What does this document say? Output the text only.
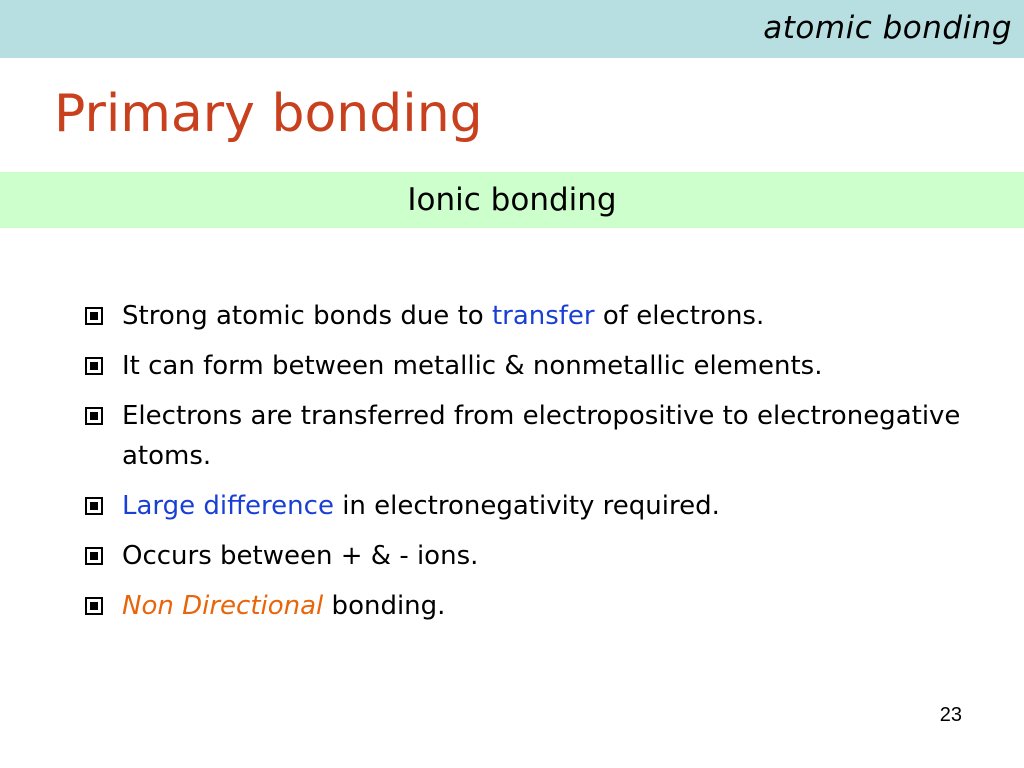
atomic bonding
Primary bonding
Ionic bonding
Strong atomic bonds due to transfer of electrons.
It can form between metallic & nonmetallic elements.
Electrons are transferred from electropositive to electronegative atoms.
Large difference in electronegativity required.
Occurs between + & - ions.
Non Directional bonding.
23
